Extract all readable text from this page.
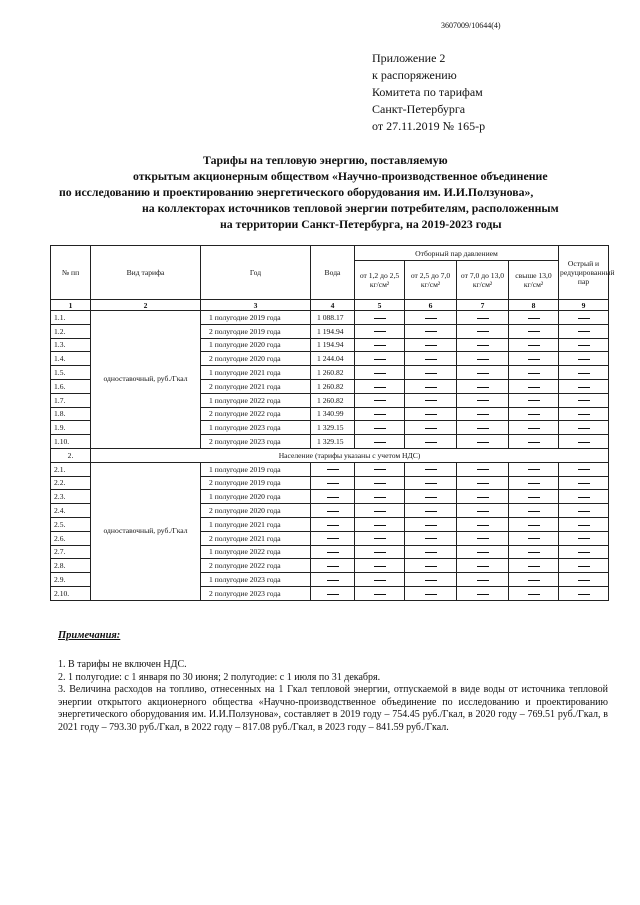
3607009/10644(4)
Приложение 2
к распоряжению
Комитета по тарифам
Санкт-Петербурга
от 27.11.2019 № 165-р
Тарифы на тепловую энергию, поставляемую
открытым акционерным обществом «Научно-производственное объединение
по исследованию и проектированию энергетического оборудования им. И.И.Ползунова»,
на коллекторах источников тепловой энергии потребителям, расположенным
на территории Санкт-Петербурга, на 2019-2023 годы
№ пп	Вид тарифа	Год	Вода	Отборный пар давлением				Острый и редуцированный пар
				от 1,2 до 2,5 кг/см²	от 2,5 до 7,0 кг/см²	от 7,0 до 13,0 кг/см²	свыше 13,0 кг/см²	
1	2	3	4	5	6	7	8	9
1.1.	одноставочный, руб./Гкал	1 полугодие 2019 года	1 088.17					
1.2.		2 полугодие 2019 года	1 194.94					
1.3.		1 полугодие 2020 года	1 194.94					
1.4.		2 полугодие 2020 года	1 244.04					
1.5.		1 полугодие 2021 года	1 260.82					
1.6.		2 полугодие 2021 года	1 260.82					
1.7.		1 полугодие 2022 года	1 260.82					
1.8.		2 полугодие 2022 года	1 340.99					
1.9.		1 полугодие 2023 года	1 329.15					
1.10.		2 полугодие 2023 года	1 329.15					
2.	Население (тарифы указаны с учетом НДС)							
2.1.	одноставочный, руб./Гкал	1 полугодие 2019 года						
2.2.		2 полугодие 2019 года						
2.3.		1 полугодие 2020 года						
2.4.		2 полугодие 2020 года						
2.5.		1 полугодие 2021 года						
2.6.		2 полугодие 2021 года						
2.7.		1 полугодие 2022 года						
2.8.		2 полугодие 2022 года						
2.9.		1 полугодие 2023 года						
2.10.		2 полугодие 2023 года						
Примечания:

1. В тарифы не включен НДС.

2. 1 полугодие: с 1 января по 30 июня; 2 полугодие: с 1 июля по 31 декабря.

3. Величина расходов на топливо, отнесенных на 1 Гкал тепловой энергии, отпускаемой в виде воды от источника тепловой энергии открытого акционерного общества «Научно-производственное объединение по исследованию и проектированию энергетического оборудования им. И.И.Ползунова», составляет в 2019 году – 754.45 руб./Гкал, в 2020 году – 769.51 руб./Гкал, в 2021 году – 793.30 руб./Гкал, в 2022 году – 817.08 руб./Гкал, в 2023 году – 841.59 руб./Гкал.
